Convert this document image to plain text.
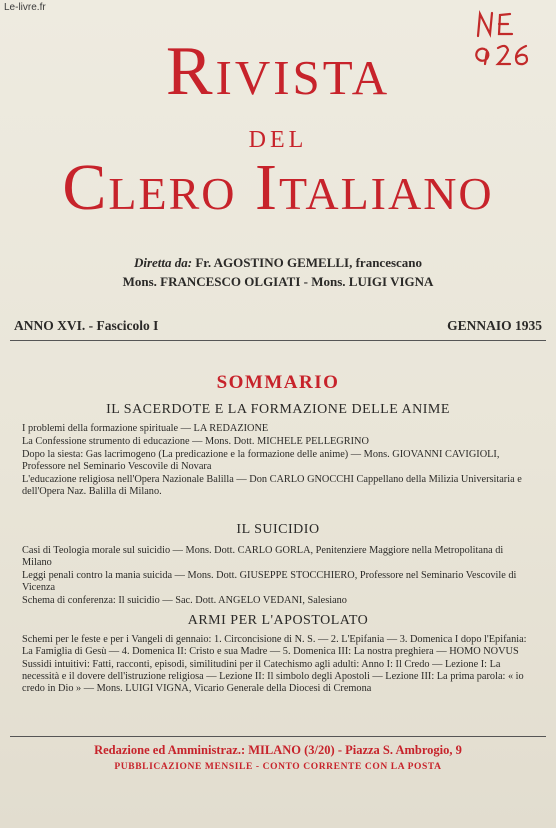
Le-livre.fr
Rivista
del
Clero Italiano
Diretta da: Fr. AGOSTINO GEMELLI, francescano
Mons. FRANCESCO OLGIATI - Mons. LUIGI VIGNA
ANNO XVI. - Fascicolo I	GENNAIO 1935
SOMMARIO
IL SACERDOTE E LA FORMAZIONE DELLE ANIME

I problemi della formazione spirituale — LA REDAZIONE

La Confessione strumento di educazione — Mons. Dott. MICHELE PELLEGRINO

Dopo la siesta: Gas lacrimogeno (La predicazione e la formazione delle anime) — Mons. GIOVANNI CAVIGIOLI, Professore nel Seminario Vescovile di Novara

L'educazione religiosa nell'Opera Nazionale Balilla — Don CARLO GNOCCHI Cappellano della Milizia Universitaria e dell'Opera Naz. Balilla di Milano.

IL SUICIDIO

Casi di Teologia morale sul suicidio — Mons. Dott. CARLO GORLA, Penitenziere Maggiore nella Metropolitana di Milano

Leggi penali contro la mania suicida — Mons. Dott. GIUSEPPE STOCCHIERO, Professore nel Seminario Vescovile di Vicenza

Schema di conferenza: Il suicidio — Sac. Dott. ANGELO VEDANI, Salesiano

ARMI PER L'APOSTOLATO

Schemi per le feste e per i Vangeli di gennaio: 1. Circoncisione di N. S. — 2. L'Epifania — 3. Domenica I dopo l'Epifania: La Famiglia di Gesù — 4. Domenica II: Cristo e sua Madre — 5. Domenica III: La nostra preghiera — HOMO NOVUS

Sussidi intuitivi: Fatti, racconti, episodi, similitudini per il Catechismo agli adulti: Anno I: Il Credo — Lezione I: La necessità e il dovere dell'istruzione religiosa — Lezione II: Il simbolo degli Apostoli — Lezione III: La prima parola: « io credo in Dio » — Mons. LUIGI VIGNA, Vicario Generale della Diocesi di Cremona

Redazione ed Amministraz.: MILANO (3/20) - Piazza S. Ambrogio, 9
PUBBLICAZIONE MENSILE - CONTO CORRENTE CON LA POSTA
